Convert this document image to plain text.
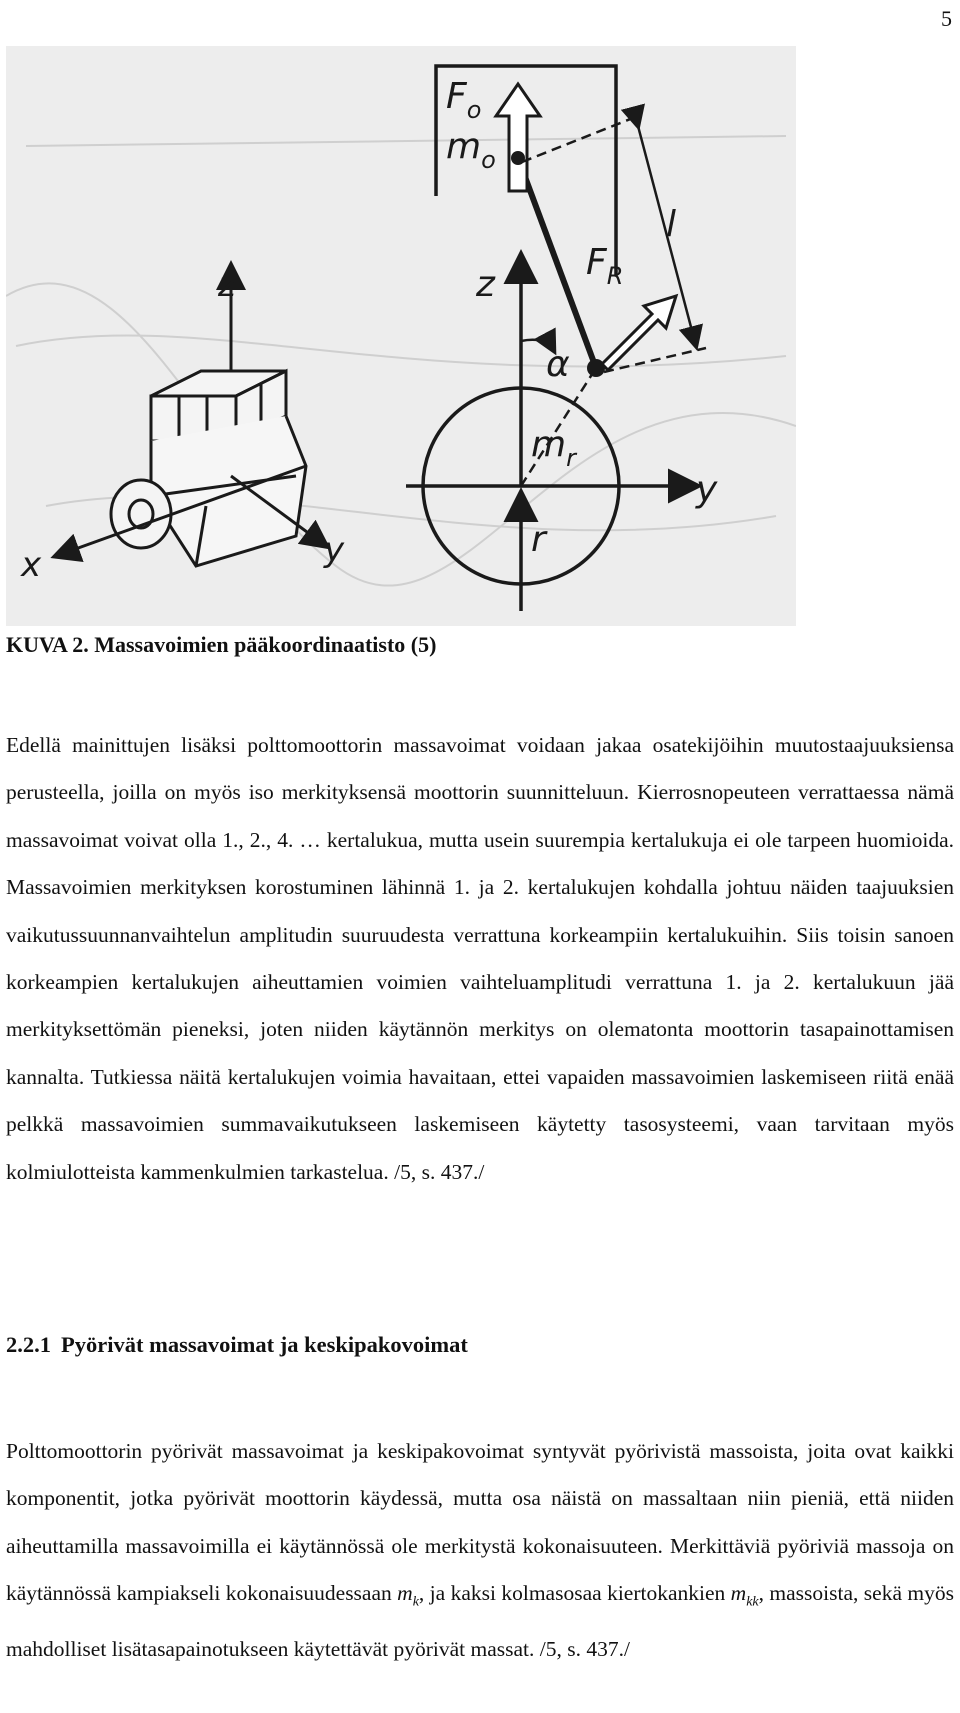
5
z
x	y
$F_o$
$m_o$
$F_R$
$m_r$
l
α
r
z
y

KUVA 2. Massavoimien pääkoordinaatisto (5)

Edellä mainittujen lisäksi polttomoottorin massavoimat voidaan jakaa osatekijöihin muutostaajuuksiensa perusteella, joilla on myös iso merkityksensä moottorin suunnitteluun. Kierrosnopeuteen verrattaessa nämä massavoimat voivat olla 1., 2., 4. … kertalukua, mutta usein suurempia kertalukuja ei ole tarpeen huomioida. Massavoimien merkityksen korostuminen lähinnä 1. ja 2. kertalukujen kohdalla johtuu näiden taajuuksien vaikutussuunnanvaihtelun amplitudin suuruudesta verrattuna korkeampiin kertalukuihin. Siis toisin sanoen korkeampien kertalukujen aiheuttamien voimien vaihteluamplitudi verrattuna 1. ja 2. kertalukuun jää merkityksettömän pieneksi, joten niiden käytännön merkitys on olematonta moottorin tasapainottamisen kannalta. Tutkiessa näitä kertalukujen voimia havaitaan, ettei vapaiden massavoimien laskemiseen riitä enää pelkkä massavoimien summavaikutukseen laskemiseen käytetty tasosysteemi, vaan tarvitaan myös kolmiulotteista kammenkulmien tarkastelua. /5, s. 437./

2.2.1 Pyörivät massavoimat ja keskipakovoimat

Polttomoottorin pyörivät massavoimat ja keskipakovoimat syntyvät pyörivistä massoista, joita ovat kaikki komponentit, jotka pyörivät moottorin käydessä, mutta osa näistä on massaltaan niin pieniä, että niiden aiheuttamilla massavoimilla ei käytännössä ole merkitystä kokonaisuuteen. Merkittäviä pyöriviä massoja on käytännössä kampiakseli kokonaisuudessaan $m_k$, ja kaksi kolmasosaa kiertokankien $m_{kk}$, massoista, sekä myös mahdolliset lisätasapainotukseen käytettävät pyörivät massat. /5, s. 437./
